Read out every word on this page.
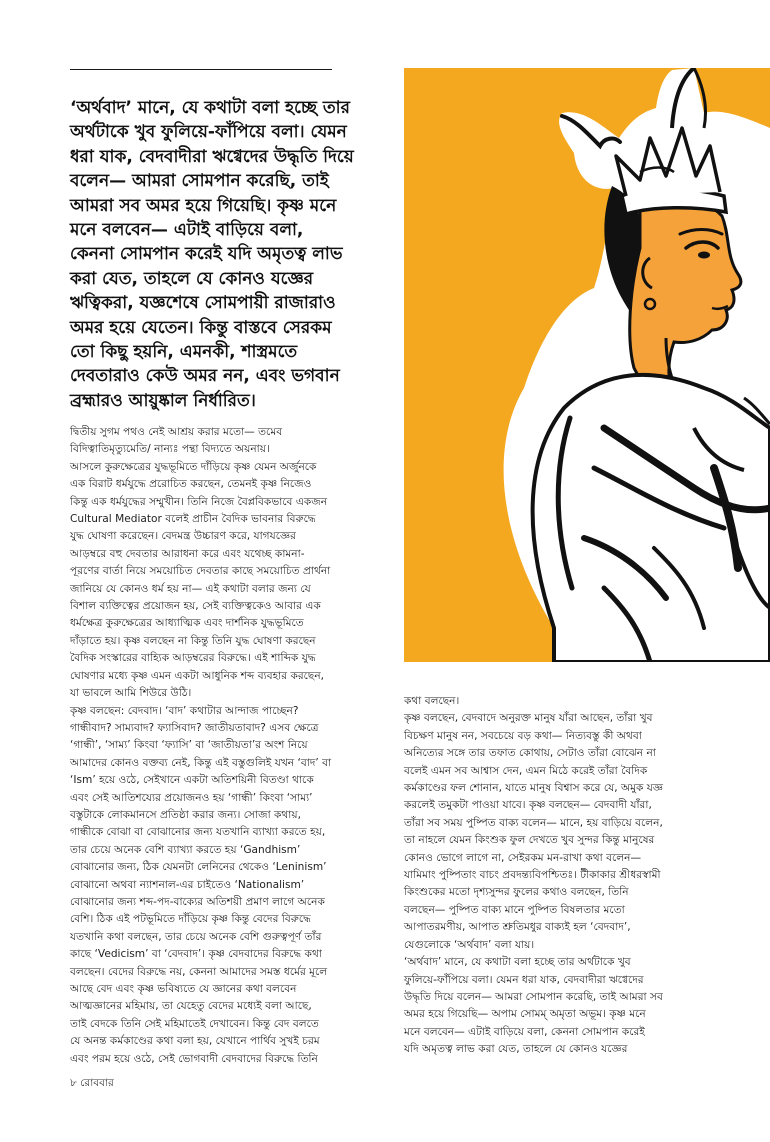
‘অর্থবাদ’ মানে, যে কথাটা বলা হচ্ছে তার
অর্থটাকে খুব ফুলিয়ে-ফাঁপিয়ে বলা। যেমন
ধরা যাক, বেদবাদীরা ঋগ্বেদের উদ্ধৃতি দিয়ে
বলেন— আমরা সোমপান করেছি, তাই
আমরা সব অমর হয়ে গিয়েছি। কৃষ্ণ মনে
মনে বলবেন— এটাই বাড়িয়ে বলা,
কেননা সোমপান করেই যদি অমৃতত্ব লাভ
করা যেত, তাহলে যে কোনও যজ্ঞের
ঋত্বিকরা, যজ্ঞশেষে সোমপায়ী রাজারাও
অমর হয়ে যেতেন। কিন্তু বাস্তবে সেরকম
তো কিছু হয়নি, এমনকী, শাস্ত্রমতে
দেবতারাও কেউ অমর নন, এবং ভগবান
ব্রহ্মারও আয়ুষ্কাল নির্ধারিত।

দ্বিতীয় সুগম পথও নেই আশ্রয় করার মতো— তমেব
বিদিত্বাতিমৃত্যুমেতি/ নান্যঃ পন্থা বিদ্যতে অয়নায়।
আসলে কুরুক্ষেত্রের যুদ্ধভূমিতে দাঁড়িয়ে কৃষ্ণ যেমন অর্জুনকে
এক বিরাট ধর্মযুদ্ধে প্ররোচিত করছেন, তেমনই কৃষ্ণ নিজেও
কিন্তু এক ধর্মযুদ্ধের সম্মুখীন। তিনি নিজে বৈপ্লবিকভাবে একজন
Cultural Mediator বলেই প্রাচীন বৈদিক ভাবনার বিরুদ্ধে
যুদ্ধ ঘোষণা করেছেন। বেদমন্ত্র উচ্চারণ করে, যাগযজ্ঞের
আড়ম্বরে বহু দেবতার আরাধনা করে এবং যথেচ্ছ কামনা-
পূরণের বার্তা নিয়ে সময়োচিত দেবতার কাছে সময়োচিত প্রার্থনা
জানিয়ে যে কোনও ধর্ম হয় না— এই কথাটা বলার জন্য যে
বিশাল ব্যক্তিত্বের প্রয়োজন হয়, সেই ব্যক্তিত্বকেও আবার এক
ধর্মক্ষেত্র কুরুক্ষেত্রের আধ্যাত্মিক এবং দার্শনিক যুদ্ধভূমিতে
দাঁড়াতে হয়। কৃষ্ণ বলছেন না কিন্তু তিনি যুদ্ধ ঘোষণা করছেন
বৈদিক সংস্কারের বাহ্যিক আড়ম্বরের বিরুদ্ধে। এই শাব্দিক যুদ্ধ
ঘোষণার মধ্যে কৃষ্ণ এমন একটা আধুনিক শব্দ ব্যবহার করছেন,
যা ভাবলে আমি শিউরে উঠি।
কৃষ্ণ বলছেন: বেদবাদ। ‘বাদ’ কথাটার আন্দাজ পাচ্ছেন?
গান্ধীবাদ? সাম্যবাদ? ফ্যাসিবাদ? জাতীয়তাবাদ? এসব ক্ষেত্রে
‘গান্ধী’, ‘সাম্য’ কিংবা ‘ফ্যাসি’ বা ‘জাতীয়তা’র অংশ নিয়ে
আমাদের কোনও বক্তব্য নেই, কিন্তু এই বস্তুগুলিই যখন ‘বাদ’ বা
‘Ism’ হয়ে ওঠে, সেইখানে একটা অতিশয়িনী বিতণ্ডা থাকে
এবং সেই আতিশয্যের প্রয়োজনও হয় ‘গান্ধী’ কিংবা ‘সাম্য’
বস্তুটাকে লোকমানসে প্রতিষ্ঠা করার জন্য। সোজা কথায়,
গান্ধীকে বোঝা বা বোঝানোর জন্য যতখানি ব্যাখ্যা করতে হয়,
তার চেয়ে অনেক বেশি ব্যাখ্যা করতে হয় ‘Gandhism’
বোঝানোর জন্য, ঠিক যেমনটা লেনিনের থেকেও ‘Leninism’
বোঝানো অথবা ন্যাশনাল-এর চাইতেও ‘Nationalism’
বোঝানোর জন্য শব্দ-পদ-বাক্যের অতিশয়ী প্রমাণ লাগে অনেক
বেশি। ঠিক এই পটভূমিতে দাঁড়িয়ে কৃষ্ণ কিন্তু বেদের বিরুদ্ধে
যতখানি কথা বলছেন, তার চেয়ে অনেক বেশি গুরুত্বপূর্ণ তাঁর
কাছে ‘Vedicism’ বা ‘বেদবাদ’। কৃষ্ণ বেদবাদের বিরুদ্ধে কথা
বলছেন। বেদের বিরুদ্ধে নয়, কেননা আমাদের সমস্ত ধর্মের মূলে
আছে বেদ এবং কৃষ্ণ ভবিষ্যতে যে জ্ঞানের কথা বলবেন
আত্মজ্ঞানের মহিমায়, তা যেহেতু বেদের মধ্যেই বলা আছে,
তাই বেদকে তিনি সেই মহিমাতেই দেখাবেন। কিন্তু বেদ বলতে
যে অনন্ত কর্মকাণ্ডের কথা বলা হয়, যেখানে পার্থিব সুখই চরম
এবং পরম হয়ে ওঠে, সেই ভোগবাদী বেদবাদের বিরুদ্ধে তিনি

কথা বলছেন।
কৃষ্ণ বলছেন, বেদবাদে অনুরক্ত মানুষ যাঁরা আছেন, তাঁরা খুব
বিচক্ষণ মানুষ নন, সবচেয়ে বড় কথা— নিত্যবস্তু কী অথবা
অনিত্যের সঙ্গে তার তফাত কোথায়, সেটাও তাঁরা বোঝেন না
বলেই এমন সব আশ্বাস দেন, এমন মিঠে করেই তাঁরা বৈদিক
কর্মকাণ্ডের ফল শোনান, যাতে মানুষ বিশ্বাস করে যে, অমুক যজ্ঞ
করলেই তমুকটা পাওয়া যাবে। কৃষ্ণ বলছেন— বেদবাদী যাঁরা,
তাঁরা সব সময় পুষ্পিত বাক্য বলেন— মানে, হয় বাড়িয়ে বলেন,
তা নাহলে যেমন কিংশুক ফুল দেখতে খুব সুন্দর কিন্তু মানুষের
কোনও ভোগে লাগে না, সেইরকম মন-রাখা কথা বলেন—
যামিমাং পুষ্পিতাং বাচং প্রবদন্ত্যবিপশ্চিতঃ। টীকাকার শ্রীধরস্বামী
কিংশুকের মতো দৃশ্যসুন্দর ফুলের কথাও বলছেন, তিনি
বলছেন— পুষ্পিত বাক্য মানে পুষ্পিত বিষলতার মতো
আপাতরমণীয়, আপাত শ্রুতিমধুর বাক্যই হল ‘বেদবাদ’,
যেগুলোকে ‘অর্থবাদ’ বলা যায়।
‘অর্থবাদ’ মানে, যে কথাটা বলা হচ্ছে তার অর্থটাকে খুব
ফুলিয়ে-ফাঁপিয়ে বলা। যেমন ধরা যাক, বেদবাদীরা ঋগ্বেদের
উদ্ধৃতি দিয়ে বলেন— আমরা সোমপান করেছি, তাই আমরা সব
অমর হয়ে গিয়েছি— অপাম সোমম্ অমৃতা অভূম। কৃষ্ণ মনে
মনে বলবেন— এটাই বাড়িয়ে বলা, কেননা সোমপান করেই
যদি অমৃতত্ব লাভ করা যেত, তাহলে যে কোনও যজ্ঞের

৮ রোববার
